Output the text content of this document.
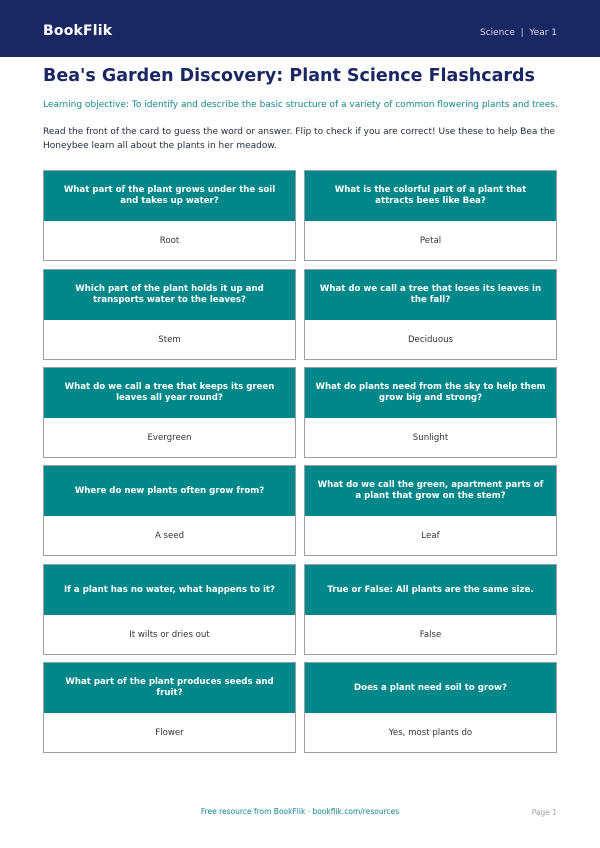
BookFlik	Science  |  Year 1
Bea's Garden Discovery: Plant Science Flashcards
Learning objective: To identify and describe the basic structure of a variety of common flowering plants and trees.
Read the front of the card to guess the word or answer. Flip to check if you are correct! Use these to help Bea the Honeybee learn all about the plants in her meadow.
What part of the plant grows under the soil and takes up water?
Root
What is the colorful part of a plant that attracts bees like Bea?
Petal
Which part of the plant holds it up and transports water to the leaves?
Stem
What do we call a tree that loses its leaves in the fall?
Deciduous
What do we call a tree that keeps its green leaves all year round?
Evergreen
What do plants need from the sky to help them grow big and strong?
Sunlight
Where do new plants often grow from?
A seed
What do we call the green, apartment parts of a plant that grow on the stem?
Leaf
If a plant has no water, what happens to it?
It wilts or dries out
True or False: All plants are the same size.
False
What part of the plant produces seeds and fruit?
Flower
Does a plant need soil to grow?
Yes, most plants do
Free resource from BookFlik · bookflik.com/resources	Page 1
